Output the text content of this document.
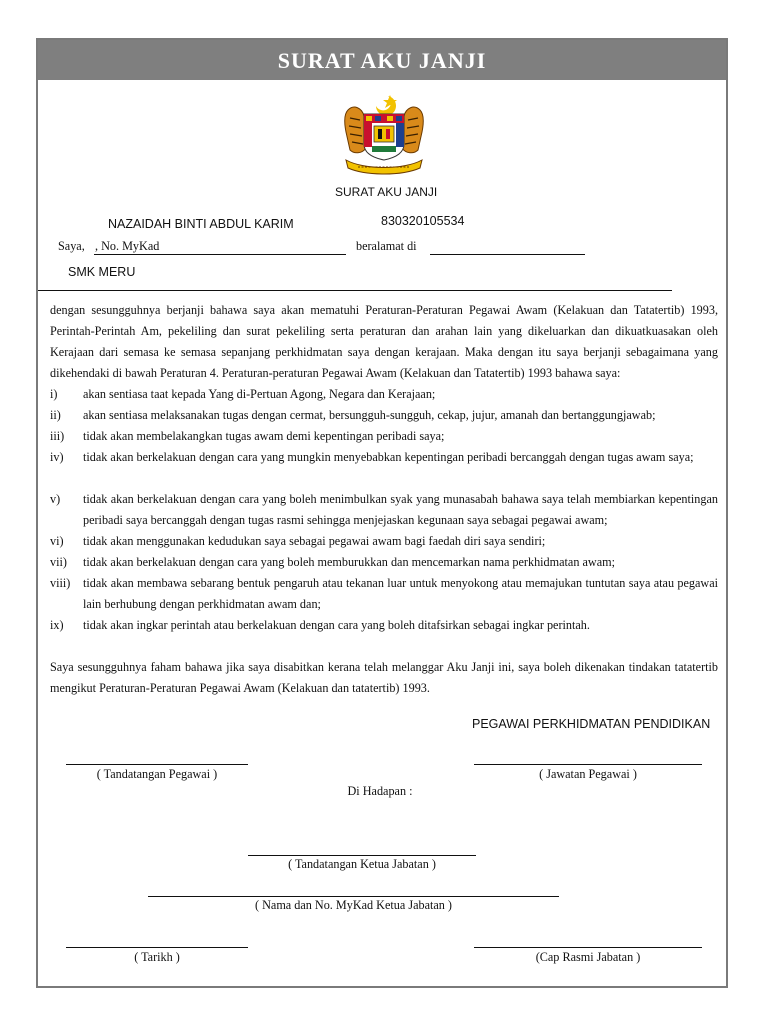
SURAT AKU JANJI
SURAT AKU JANJI
NAZAIDAH BINTI ABDUL KARIM	830320105534
Saya, , No. MyKad	beralamat di
SMK MERU

dengan sesungguhnya berjanji bahawa saya akan mematuhi Peraturan-Peraturan Pegawai Awam (Kelakuan dan Tatatertib) 1993, Perintah-Perintah Am, pekeliling dan surat pekeliling serta peraturan dan arahan lain yang dikeluarkan dan dikuatkuasakan oleh Kerajaan dari semasa ke semasa sepanjang perkhidmatan saya dengan kerajaan. Maka dengan itu saya berjanji sebagaimana yang dikehendaki di bawah Peraturan 4. Peraturan-peraturan Pegawai Awam (Kelakuan dan Tatatertib) 1993 bahawa saya:

i) akan sentiasa taat kepada Yang di-Pertuan Agong, Negara dan Kerajaan;
ii) akan sentiasa melaksanakan tugas dengan cermat, bersungguh-sungguh, cekap, jujur, amanah dan bertanggungjawab;
iii) tidak akan membelakangkan tugas awam demi kepentingan peribadi saya;
iv) tidak akan berkelakuan dengan cara yang mungkin menyebabkan kepentingan peribadi bercanggah dengan tugas awam saya;
v) tidak akan berkelakuan dengan cara yang boleh menimbulkan syak yang munasabah bahawa saya telah membiarkan kepentingan peribadi saya bercanggah dengan tugas rasmi sehingga menjejaskan kegunaan saya sebagai pegawai awam;
vi) tidak akan menggunakan kedudukan saya sebagai pegawai awam bagi faedah diri saya sendiri;
vii) tidak akan berkelakuan dengan cara yang boleh memburukkan dan mencemarkan nama perkhidmatan awam;
viii) tidak akan membawa sebarang bentuk pengaruh atau tekanan luar untuk menyokong atau memajukan tuntutan saya atau pegawai lain berhubung dengan perkhidmatan awam dan;
ix) tidak akan ingkar perintah atau berkelakuan dengan cara yang boleh ditafsirkan sebagai ingkar perintah.

Saya sesungguhnya faham bahawa jika saya disabitkan kerana telah melanggar Aku Janji ini, saya boleh dikenakan tindakan tatatertib mengikut Peraturan-Peraturan Pegawai Awam (Kelakuan dan tatatertib) 1993.

PEGAWAI PERKHIDMATAN PENDIDIKAN
( Tandatangan Pegawai )	( Jawatan Pegawai )
Di Hadapan :
( Tandatangan Ketua Jabatan )
( Nama dan No. MyKad Ketua Jabatan )
( Tarikh )	(Cap Rasmi Jabatan )
